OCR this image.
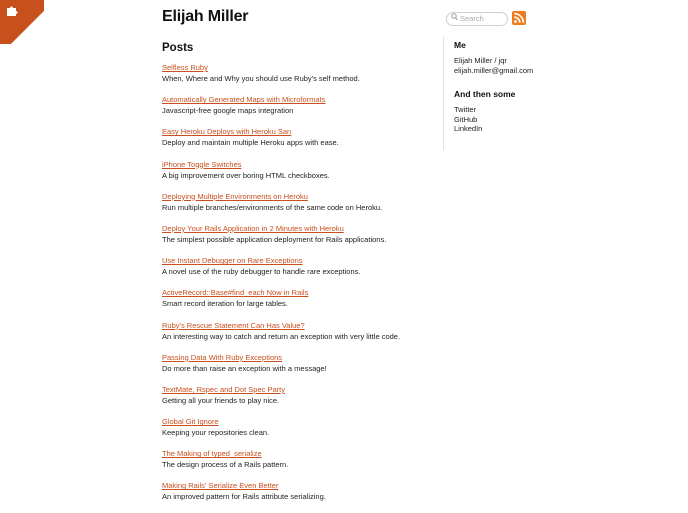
Elijah Miller	Search
Posts
Selfless Ruby
When, Where and Why you should use Ruby's self method.
Automatically Generated Maps with Microformats
Javascript-free google maps integration
Easy Heroku Deploys with Heroku San
Deploy and maintain multiple Heroku apps with ease.
iPhone Toggle Switches
A big improvement over boring HTML checkboxes.
Deploying Multiple Environments on Heroku
Run multiple branches/environments of the same code on Heroku.
Deploy Your Rails Application in 2 Minutes with Heroku
The simplest possible application deployment for Rails applications.
Use Instant Debugger on Rare Exceptions
A novel use of the ruby debugger to handle rare exceptions.
ActiveRecord::Base#find_each Now in Rails
Smart record iteration for large tables.
Ruby's Rescue Statement Can Has Value?
An interesting way to catch and return an exception with very little code.
Passing Data With Ruby Exceptions
Do more than raise an exception with a message!
TextMate, Rspec and Dot Spec Party
Getting all your friends to play nice.
Global Git Ignore
Keeping your repositories clean.
The Making of typed_serialize
The design process of a Rails pattern.
Making Rails' Serialize Even Better
An improved pattern for Rails attribute serializing.
Me
Elijah Miller / jqr
elijah.miller@gmail.com
And then some
Twitter
GitHub
LinkedIn
